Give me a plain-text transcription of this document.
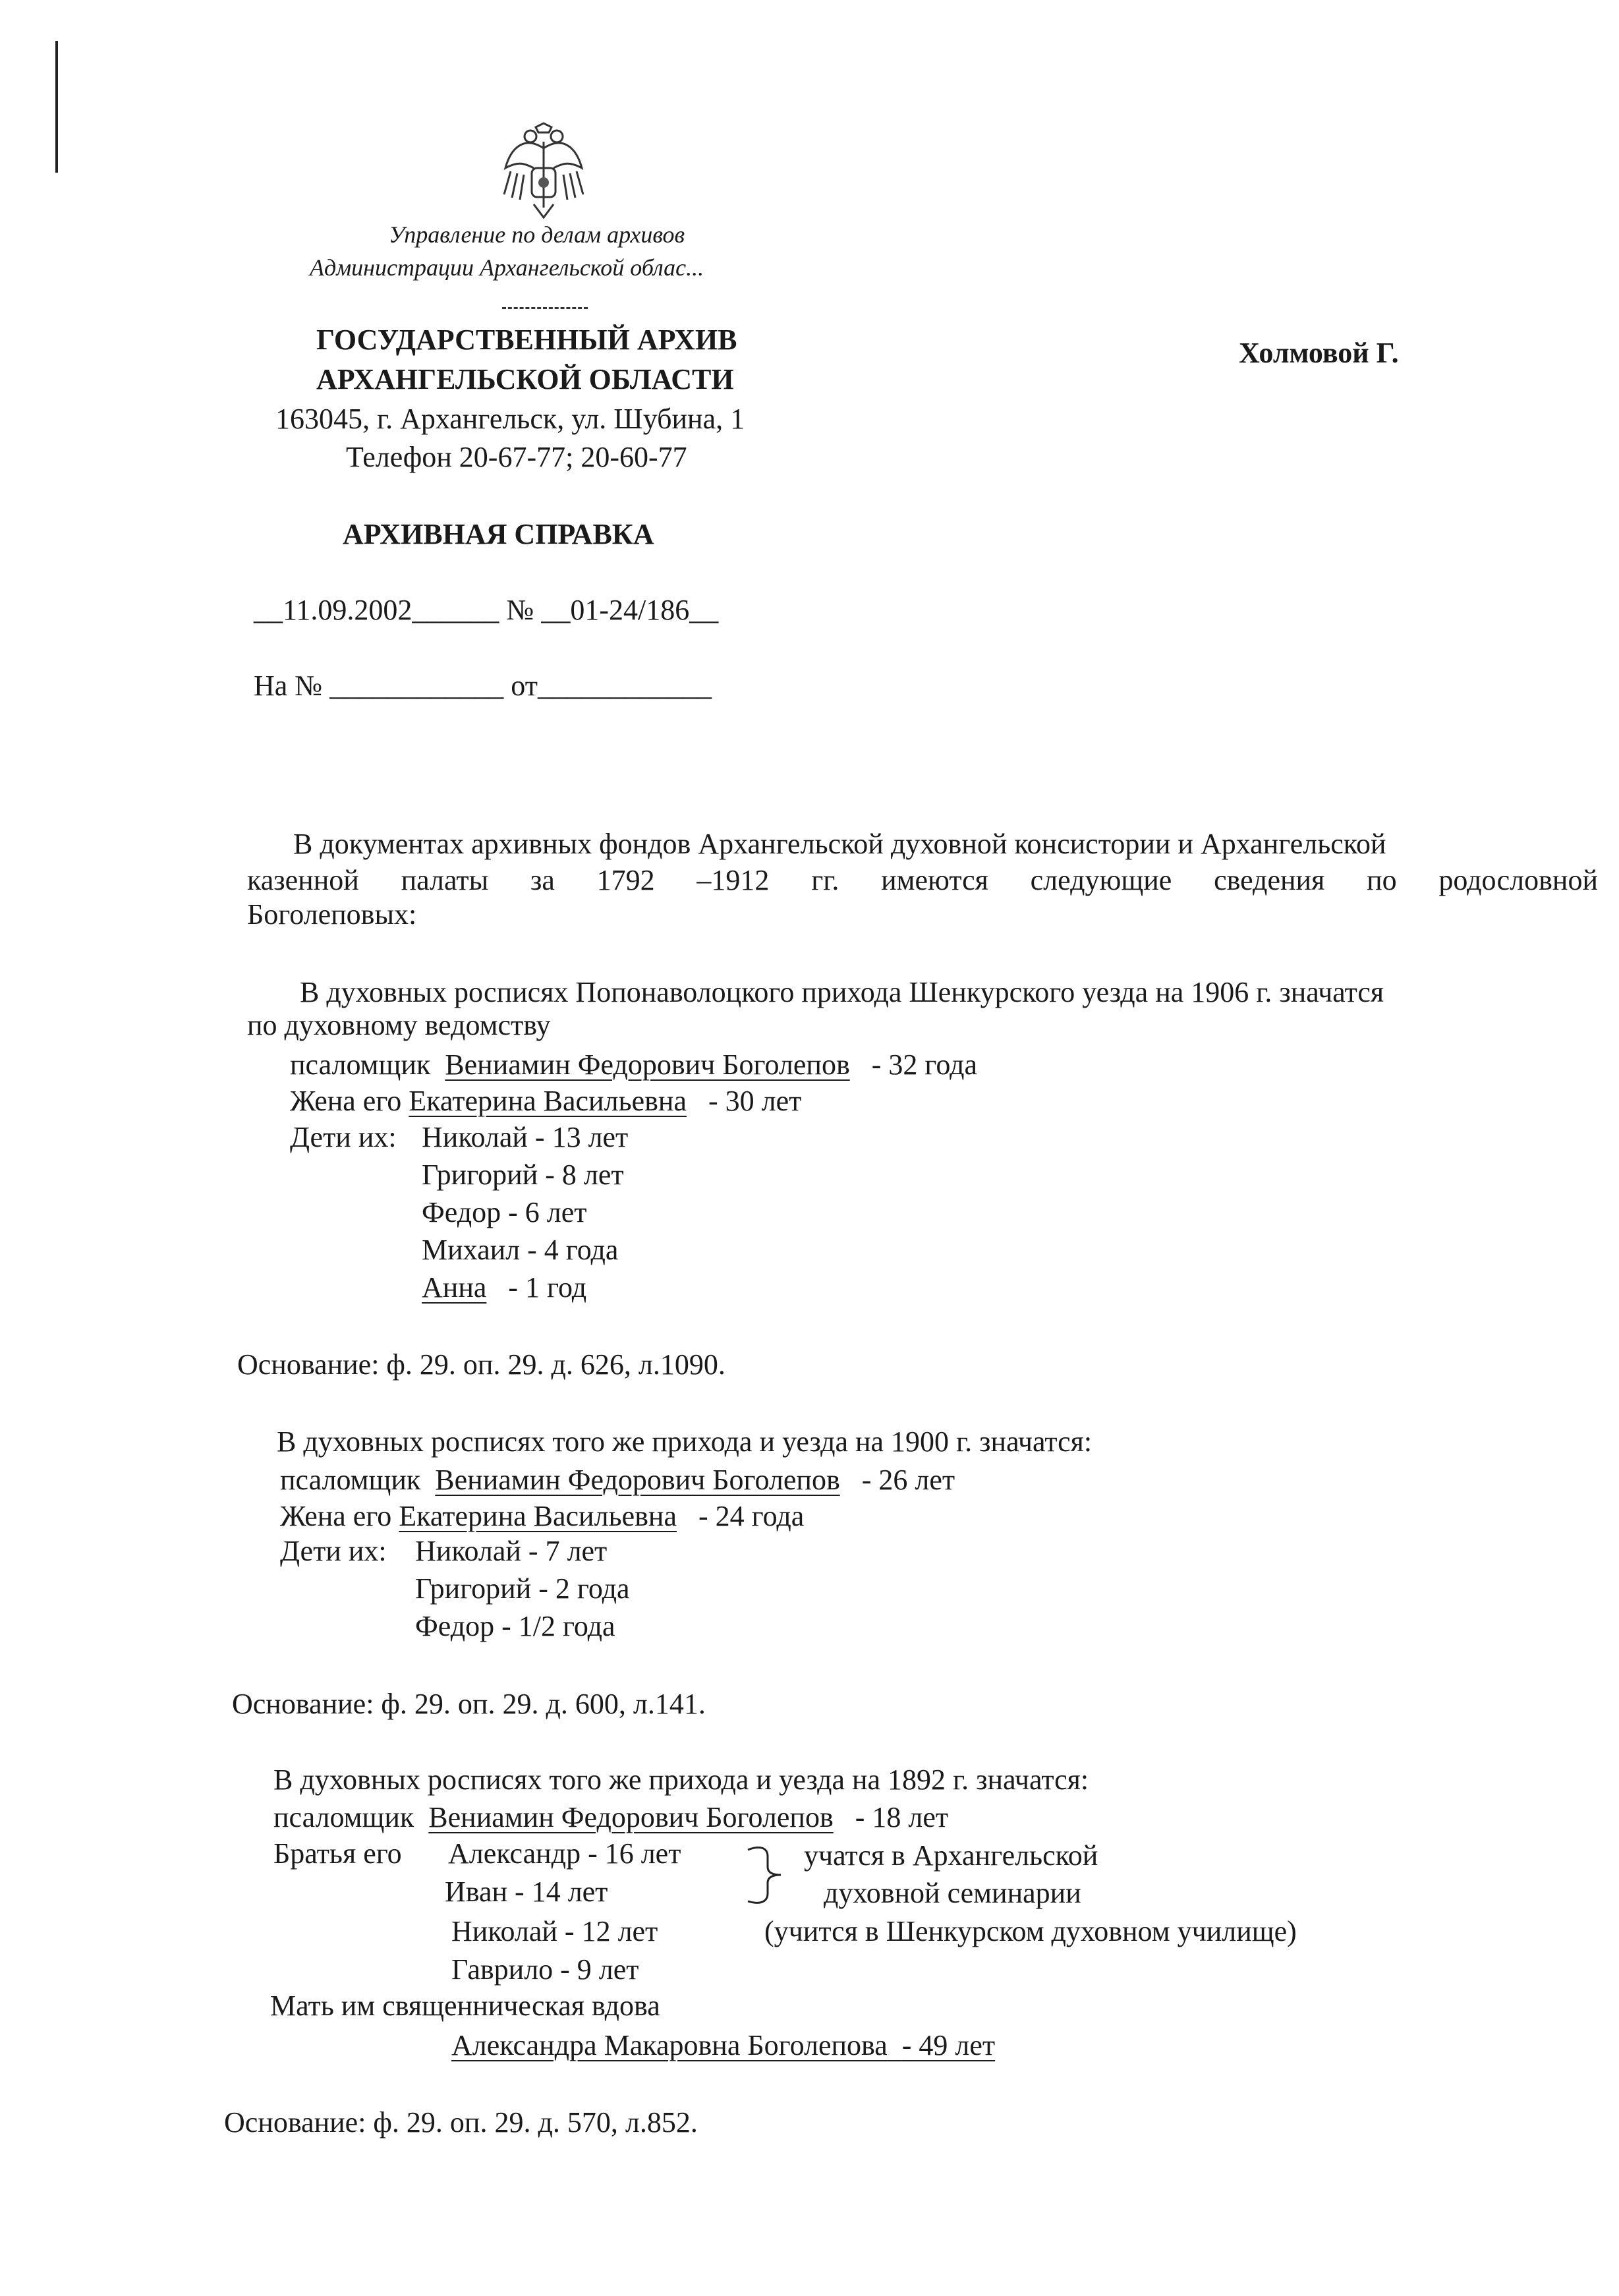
Управление по делам архивов
Администрации Архангельской облас...
ГОСУДАРСТВЕННЫЙ АРХИВ
АРХАНГЕЛЬСКОЙ ОБЛАСТИ
163045, г. Архангельск, ул. Шубина, 1
Телефон 20-67-77; 20-60-77
Холмовой Г.
АРХИВНАЯ СПРАВКА
__11.09.2002______ № __01-24/186__
На № ____________ от____________
В документах архивных фондов Архангельской духовной консистории и Архангельской
казенной палаты за 1792 –1912 гг. имеются следующие сведения по родословной
Боголеповых:
В духовных росписях Попонаволоцкого прихода Шенкурского уезда на 1906 г. значатся
по духовному ведомству
псаломщик Вениамин Федорович Боголепов - 32 года
Жена его Екатерина Васильевна - 30 лет
Дети их: Николай - 13 лет
Григорий - 8 лет
Федор - 6 лет
Михаил - 4 года
Анна - 1 год
Основание: ф. 29. оп. 29. д. 626, л.1090.
В духовных росписях того же прихода и уезда на 1900 г. значатся:
псаломщик Вениамин Федорович Боголепов - 26 лет
Жена его Екатерина Васильевна - 24 года
Дети их: Николай - 7 лет
Григорий - 2 года
Федор - 1/2 года
Основание: ф. 29. оп. 29. д. 600, л.141.
В духовных росписях того же прихода и уезда на 1892 г. значатся:
псаломщик Вениамин Федорович Боголепов - 18 лет
Братья его Александр - 16 лет
Иван - 14 лет
Николай - 12 лет
Гаврило - 9 лет
учатся в Архангельской
духовной семинарии
(учится в Шенкурском духовном училище)
Мать им священническая вдова
Александра Макаровна Боголепова - 49 лет
Основание: ф. 29. оп. 29. д. 570, л.852.
